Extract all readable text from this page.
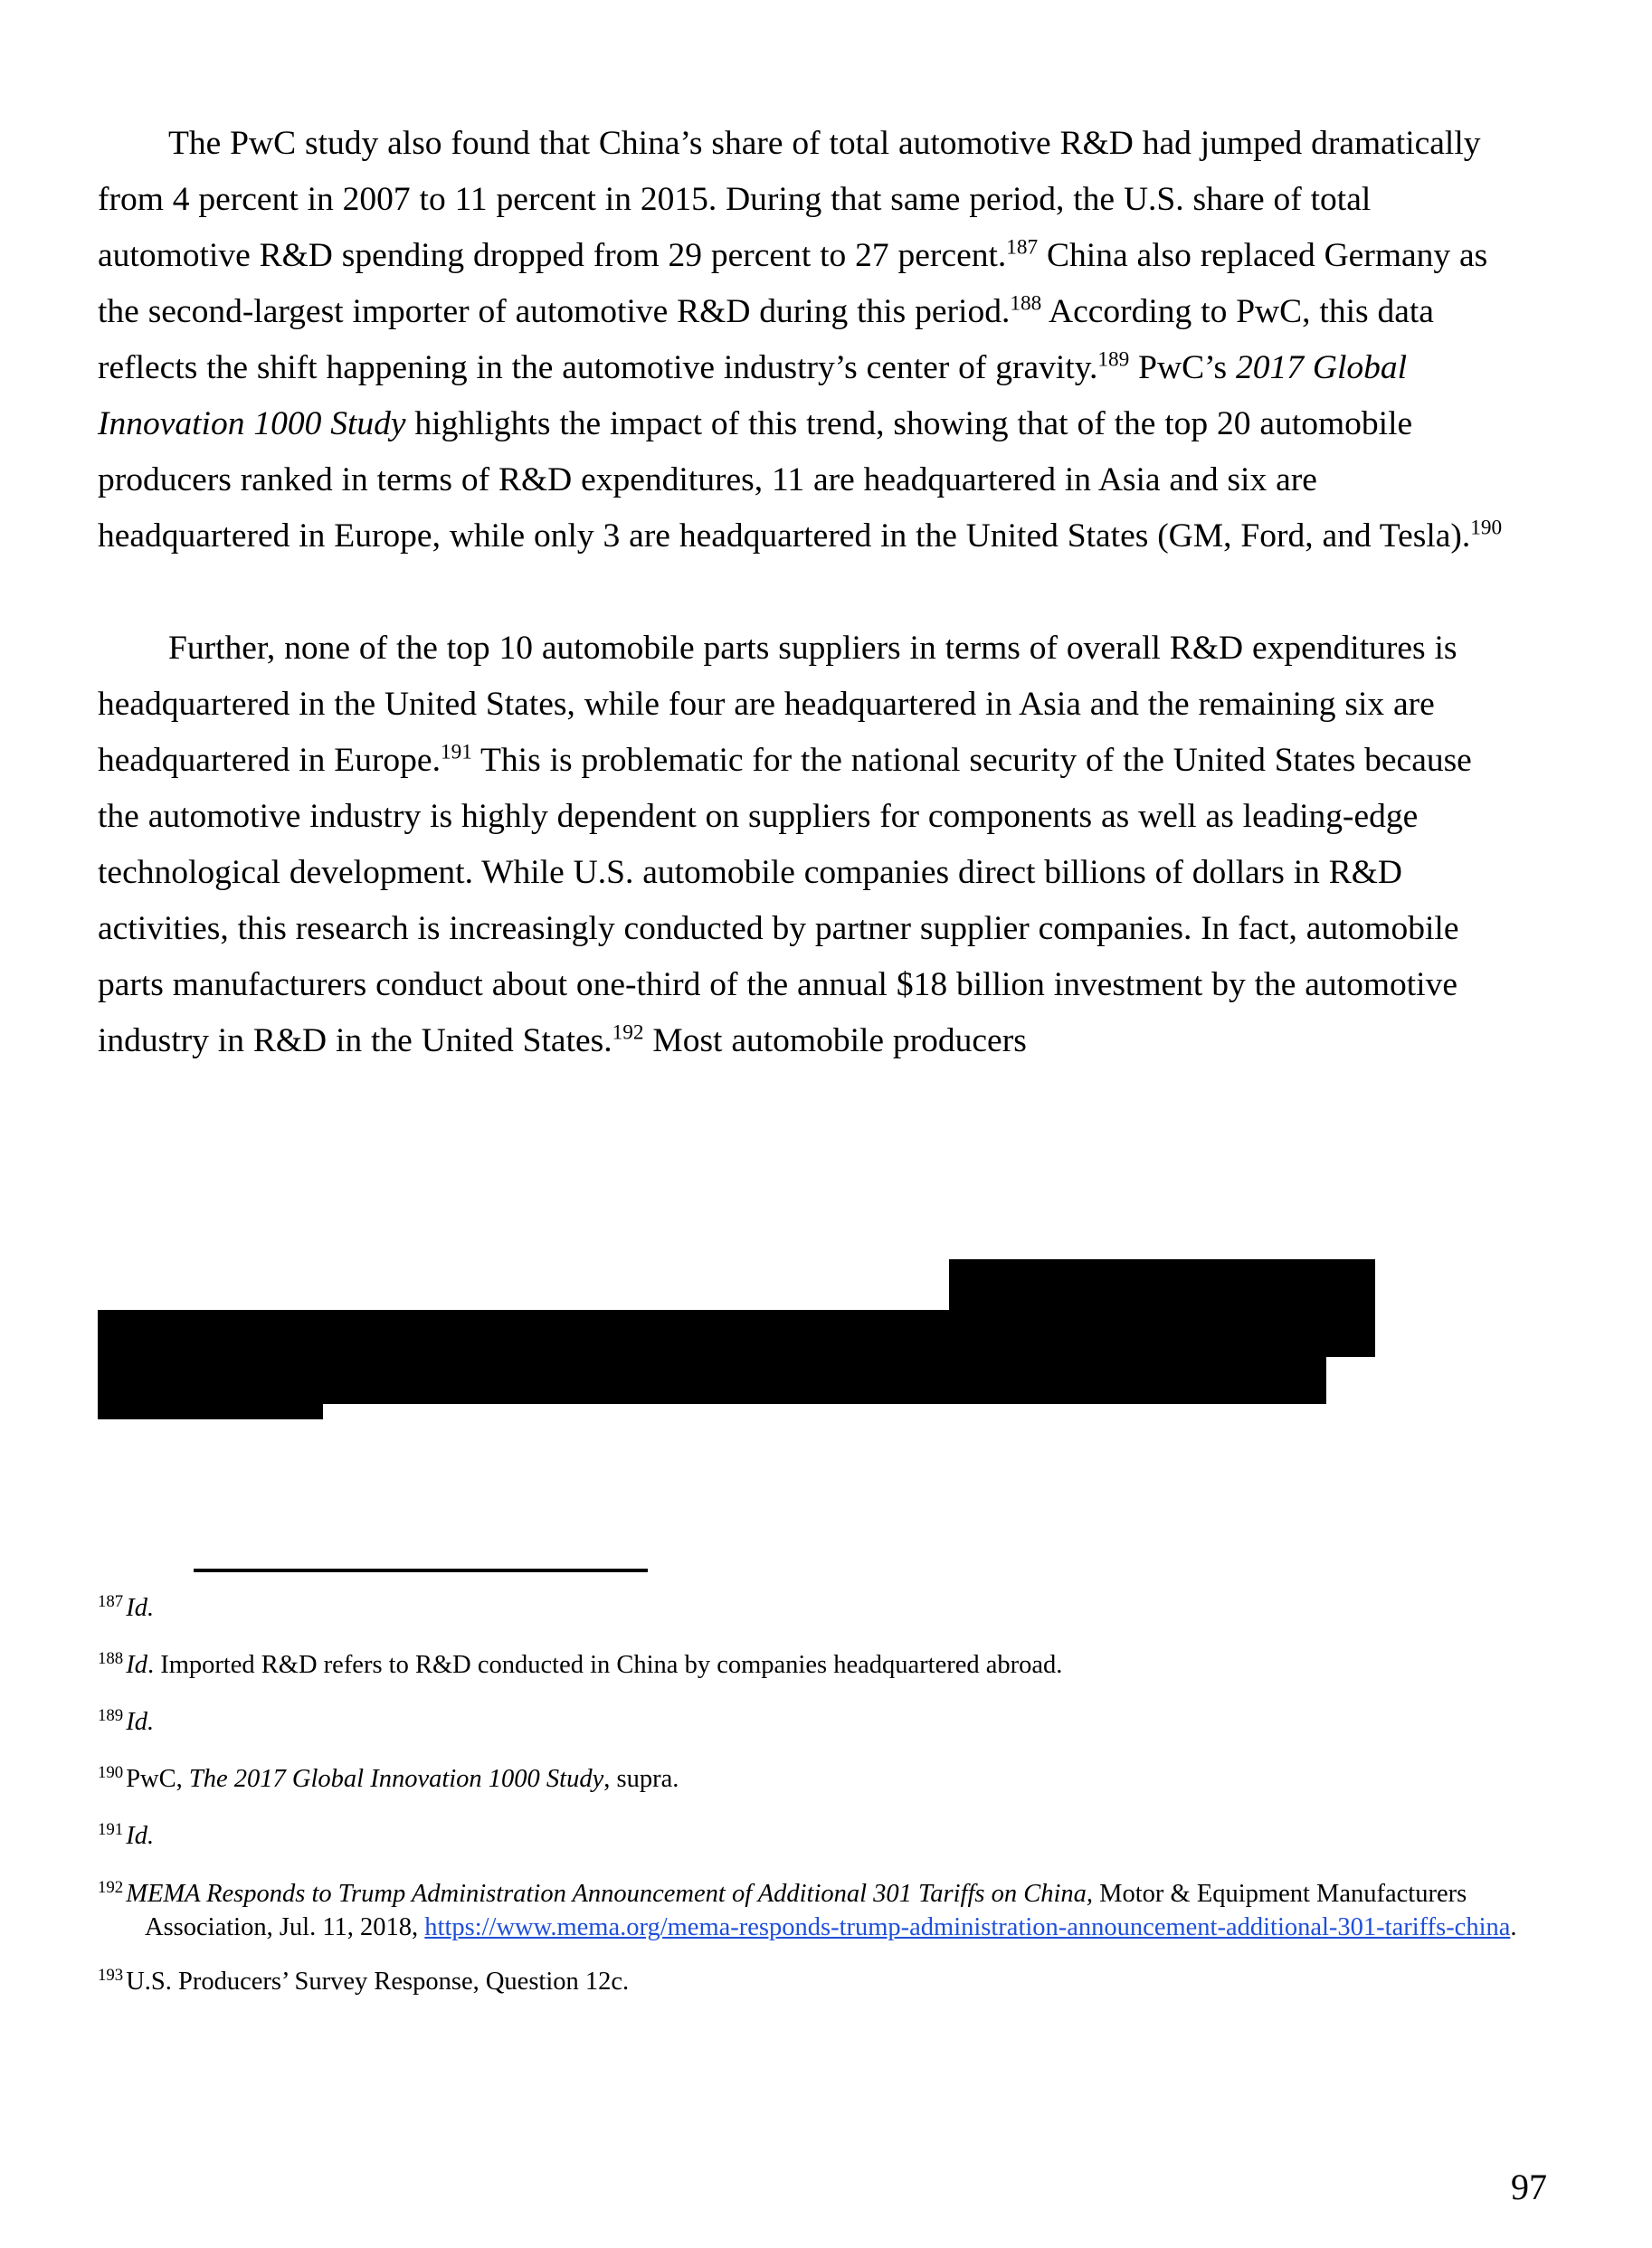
The PwC study also found that China’s share of total automotive R&D had jumped dramatically from 4 percent in 2007 to 11 percent in 2015. During that same period, the U.S. share of total automotive R&D spending dropped from 29 percent to 27 percent.$^{187}$ China also replaced Germany as the second-largest importer of automotive R&D during this period.$^{188}$ According to PwC, this data reflects the shift happening in the automotive industry’s center of gravity.$^{189}$ PwC’s 2017 Global Innovation 1000 Study highlights the impact of this trend, showing that of the top 20 automobile producers ranked in terms of R&D expenditures, 11 are headquartered in Asia and six are headquartered in Europe, while only 3 are headquartered in the United States (GM, Ford, and Tesla).$^{190}$

Further, none of the top 10 automobile parts suppliers in terms of overall R&D expenditures is headquartered in the United States, while four are headquartered in Asia and the remaining six are headquartered in Europe.$^{191}$ This is problematic for the national security of the United States because the automotive industry is highly dependent on suppliers for components as well as leading-edge technological development. While U.S. automobile companies direct billions of dollars in R&D activities, this research is increasingly conducted by partner supplier companies. In fact, automobile parts manufacturers conduct about one-third of the annual $18 billion investment by the automotive industry in R&D in the United States.$^{192}$ Most automobile producers

193

$^{187}$ Id.

$^{188}$ Id. Imported R&D refers to R&D conducted in China by companies headquartered abroad.

$^{189}$ Id.

$^{190}$ PwC, The 2017 Global Innovation 1000 Study, supra.

$^{191}$ Id.

$^{192}$ MEMA Responds to Trump Administration Announcement of Additional 301 Tariffs on China, Motor & Equipment Manufacturers Association, Jul. 11, 2018, https://www.mema.org/mema-responds-trump-administration-announcement-additional-301-tariffs-china.

$^{193}$ U.S. Producers’ Survey Response, Question 12c.

97
